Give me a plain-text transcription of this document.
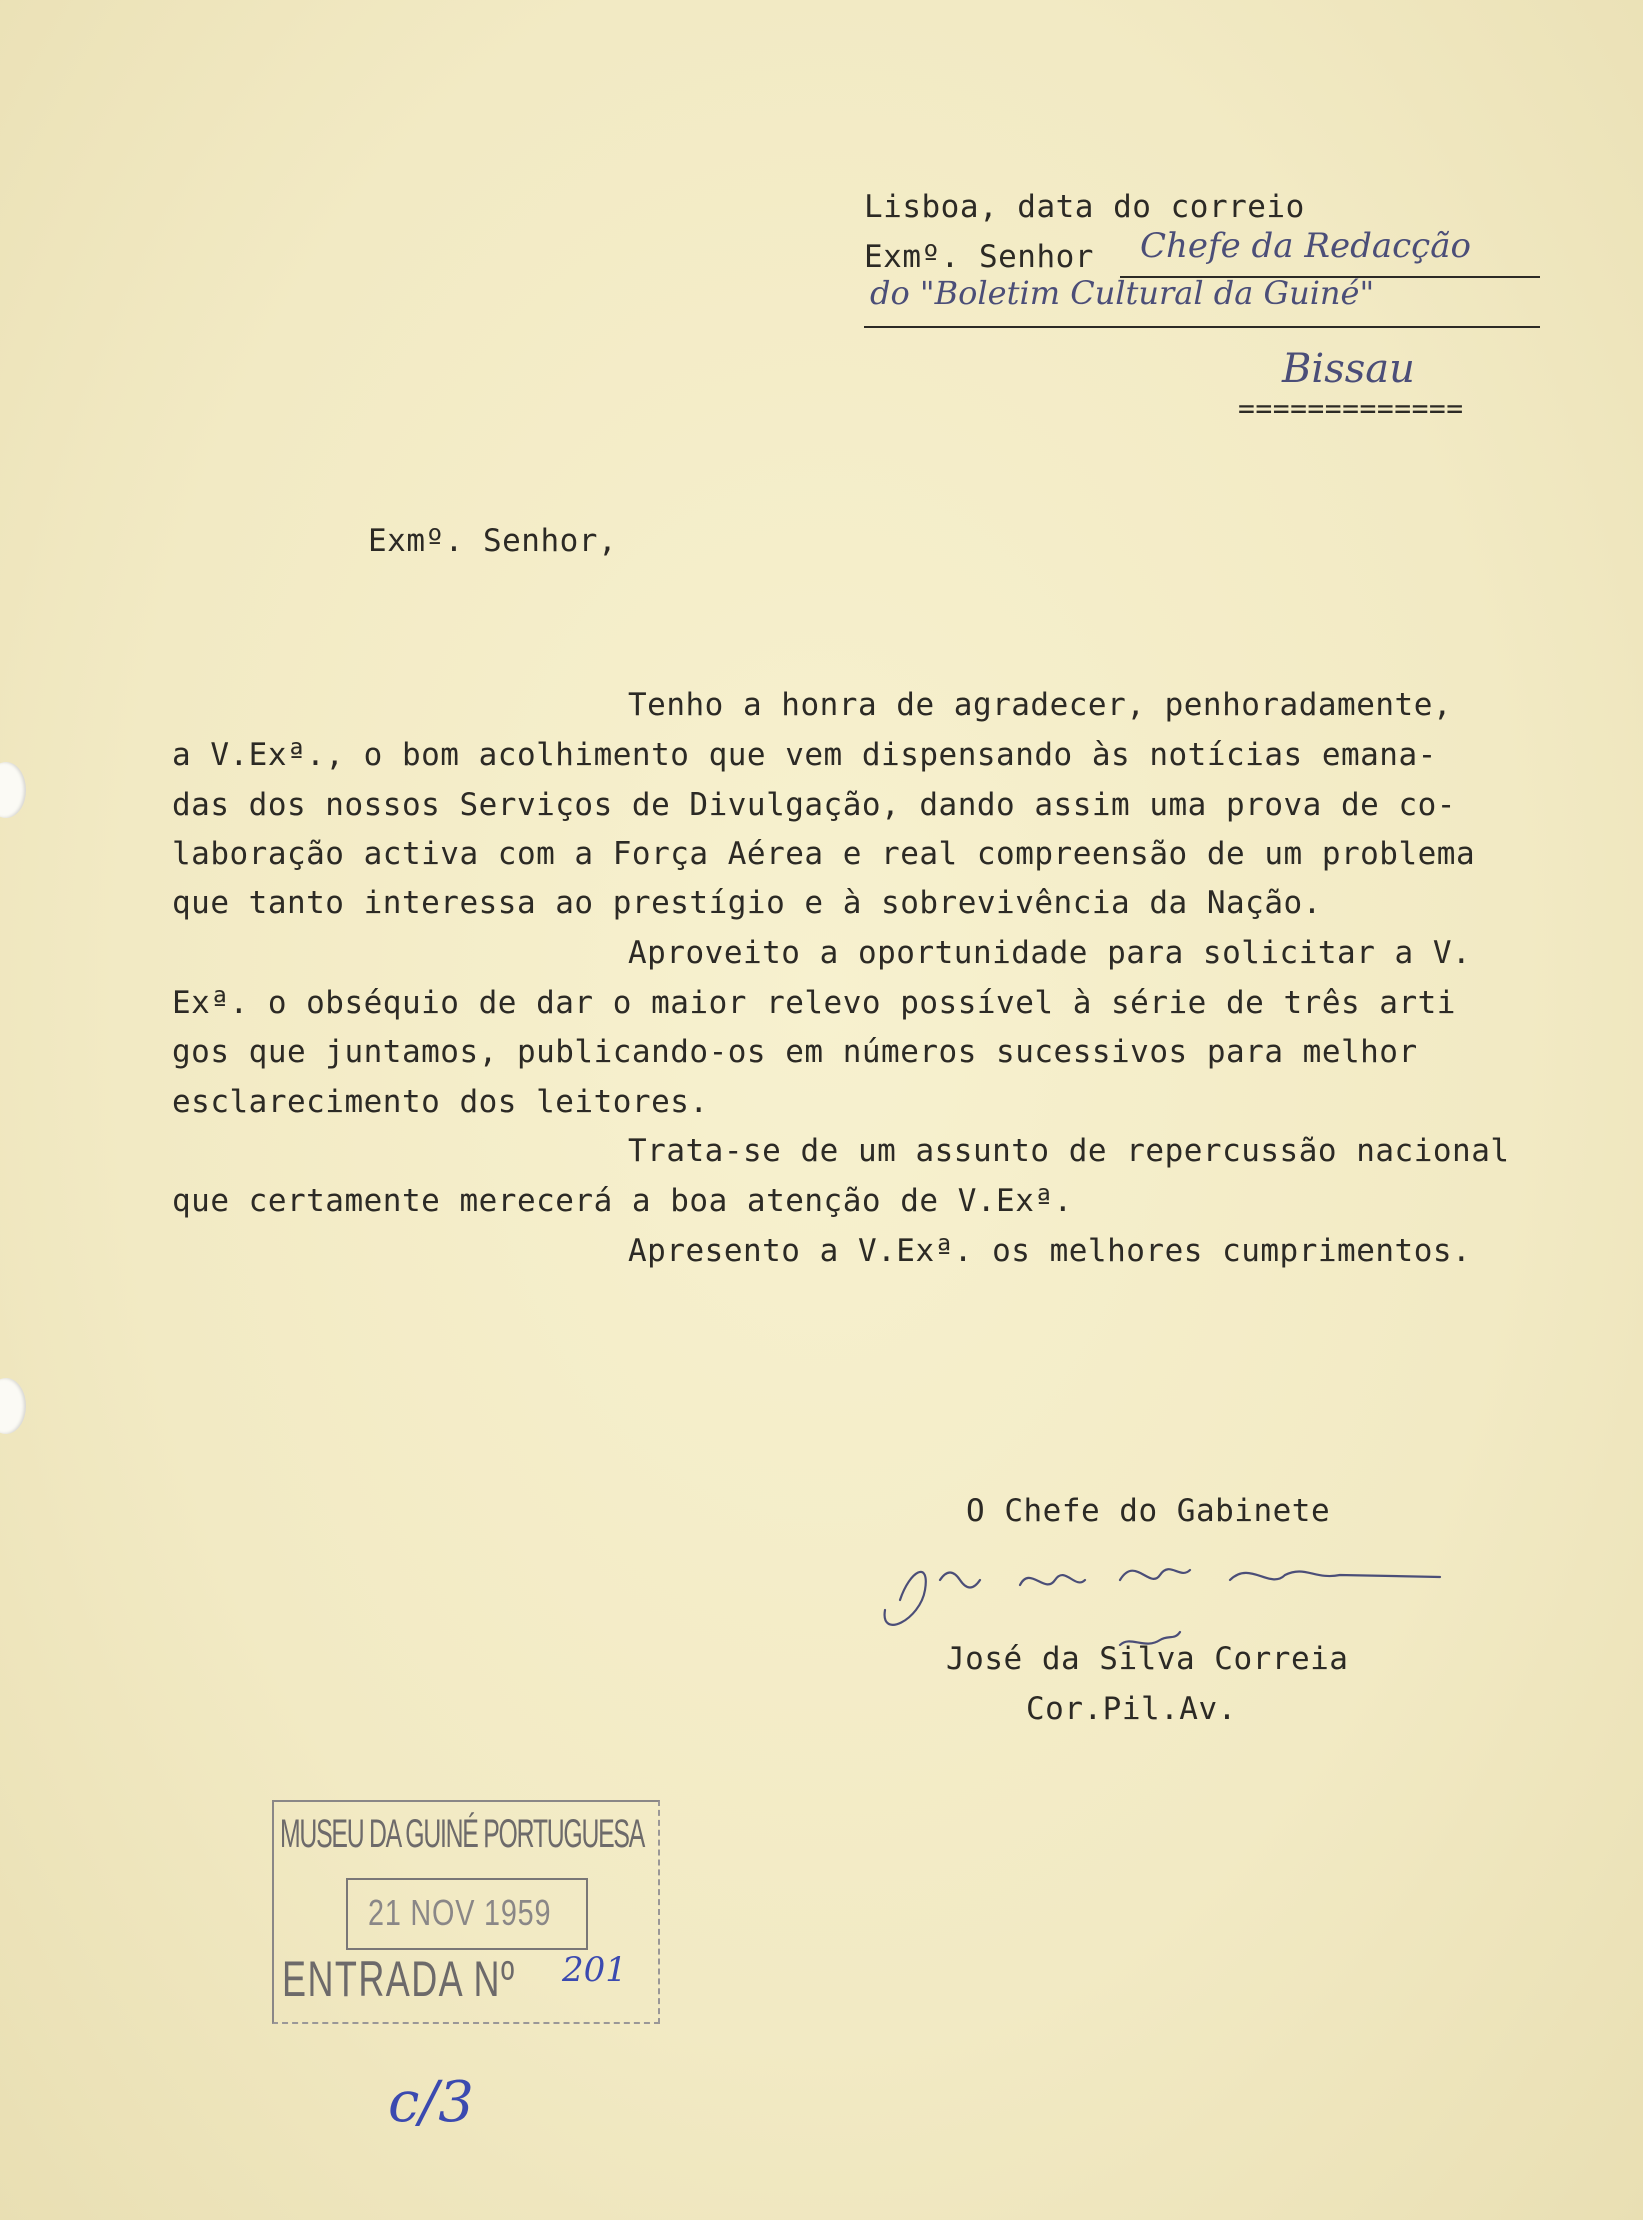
Lisboa, data do correio
Exmº. Senhor Chefe da Redacção
do "Boletim Cultural da Guiné"
Bissau
=============
Exmº. Senhor,
Tenho a honra de agradecer, penhoradamente,
a V.Exª., o bom acolhimento que vem dispensando às notícias emana-
das dos nossos Serviços de Divulgação, dando assim uma prova de co-
laboração activa com a Força Aérea e real compreensão de um problema
que tanto interessa ao prestígio e à sobrevivência da Nação.
Aproveito a oportunidade para solicitar a V.
Exª. o obséquio de dar o maior relevo possível à série de três arti
gos que juntamos, publicando-os em números sucessivos para melhor
esclarecimento dos leitores.
Trata-se de um assunto de repercussão nacional
que certamente merecerá a boa atenção de V.Exª.
Apresento a V.Exª. os melhores cumprimentos.
O Chefe do Gabinete
José da Silva Correia
Cor.Pil.Av.
MUSEU DA GUINÉ PORTUGUESA
21 NOV 1959
ENTRADA Nº 201
c/3
